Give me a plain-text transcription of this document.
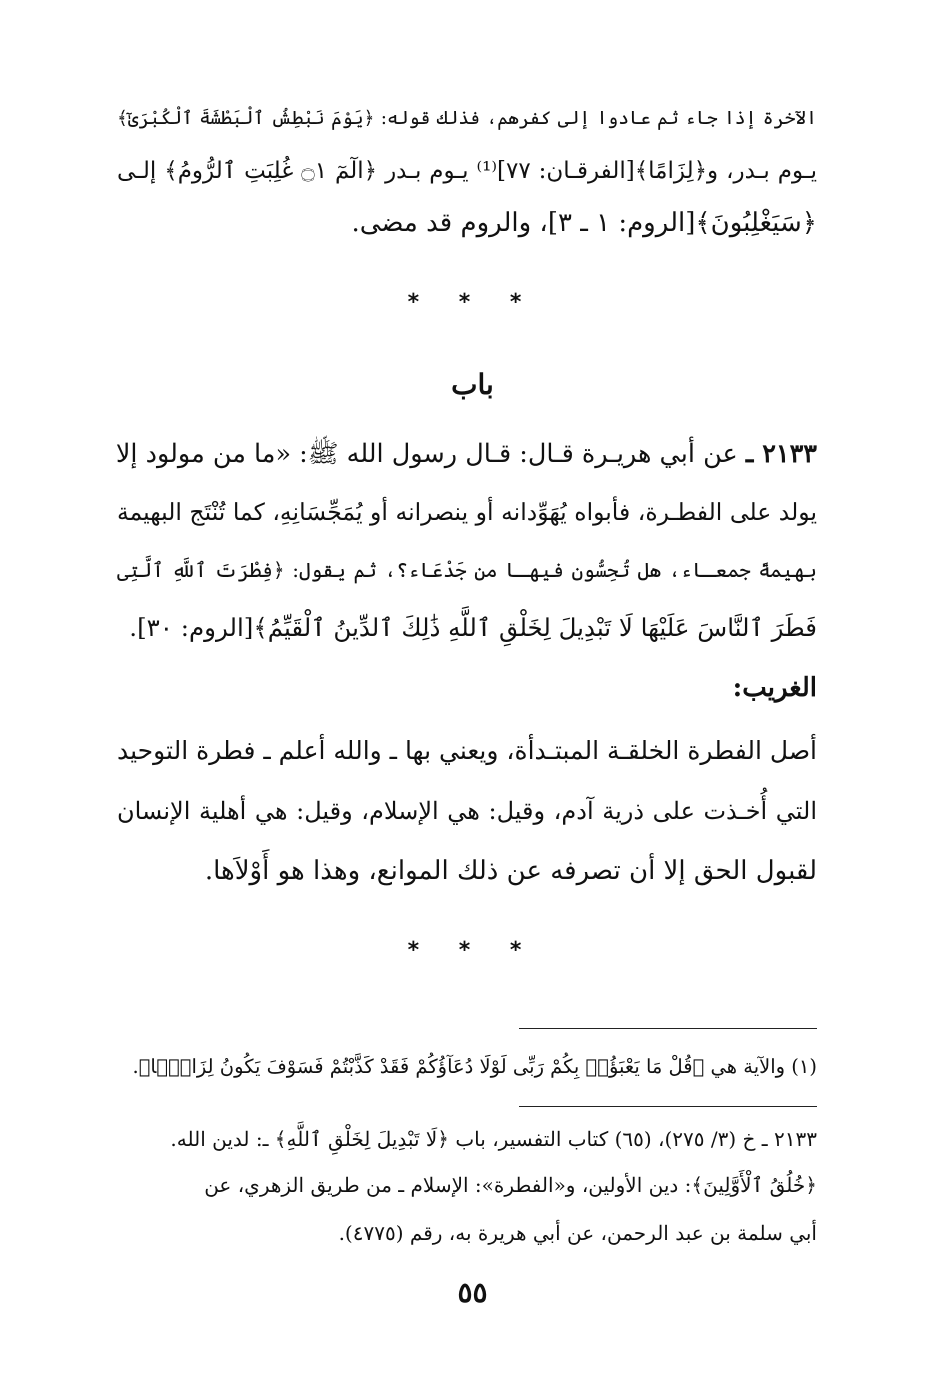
الآخرة إذا جاء ثم عادوا إلى كفرهم، فذلك قوله: ﴿يَوْمَ نَبْطِشُ ٱلْبَطْشَةَ ٱلْكُبْرَىٰٓ﴾
يـوم بـدر، و﴿لِزَامًا﴾[الفرقـان: ٧٧]⁽¹⁾ يـوم بـدر ﴿الٓمٓ ۝١ غُلِبَتِ ٱلرُّومُ﴾ إلـى
﴿سَيَغْلِبُونَ﴾[الروم: ١ ـ ٣]، والروم قد مضى.
* * *
باب
٢١٣٣ ـ عن أبي هريـرة قـال: قـال رسول الله ﷺ: «ما من مولود إلا
يولد على الفطـرة، فأبواه يُهَوِّدانه أو ينصرانه أو يُمَجِّسَانِهِ، كما تُنْتَج البهيمة
بهيمةً جمعـاء، هل تُحِسُّون فيهـا من جَدْعَاء؟، ثم يقول: ﴿فِطْرَتَ ٱللَّهِ ٱلَّتِى
فَطَرَ ٱلنَّاسَ عَلَيْهَا لَا تَبْدِيلَ لِخَلْقِ ٱللَّهِ ذَٰلِكَ ٱلدِّينُ ٱلْقَيِّمُ﴾[الروم: ٣٠].
الغريب:
أصل الفطرة الخلقـة المبتـدأة، ويعني بها ـ والله أعلم ـ فطرة التوحيد
التي أُخـذت على ذرية آدم، وقيل: هي الإسلام، وقيل: هي أهلية الإنسان
لقبول الحق إلا أن تصرفه عن ذلك الموانع، وهذا هو أَوْلاَها.
* * *
(١) والآية هي ﴿قُلْ مَا يَعْبَؤُا۟ بِكُمْ رَبِّى لَوْلَا دُعَآؤُكُمْ فَقَدْ كَذَّبْتُمْ فَسَوْفَ يَكُونُ لِزَامًۢا﴾.
٢١٣٣ ـ خ (٣/ ٢٧٥)، (٦٥) كتاب التفسير، باب ﴿لَا تَبْدِيلَ لِخَلْقِ ٱللَّهِ﴾ ـ: لدين الله.
﴿خُلُقُ ٱلْأَوَّلِينَ﴾: دين الأولين، و«الفطرة»: الإسلام ـ من طريق الزهري، عن
أبي سلمة بن عبد الرحمن، عن أبي هريرة به، رقم (٤٧٧٥).
٥٥
